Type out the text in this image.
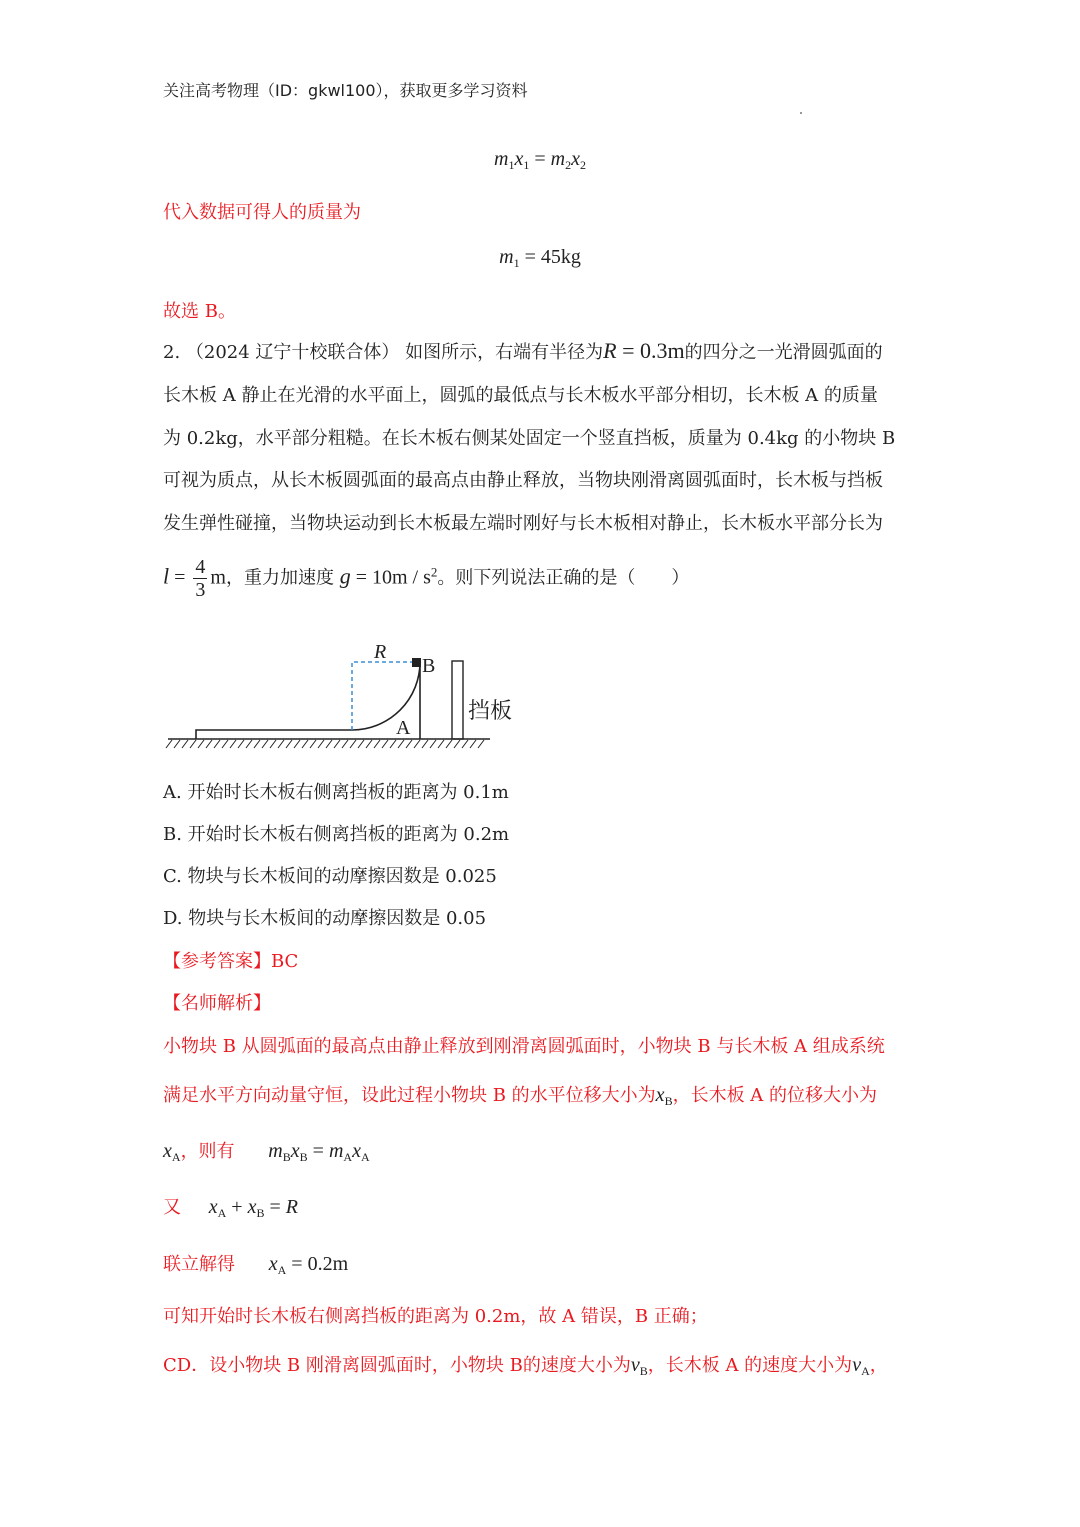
关注高考物理（ID：gkwl100），获取更多学习资料
$m_1x_1 = m_2x_2$
代入数据可得人的质量为
$m_1 = 45kg$
故选 B。
2. （2024 辽宁十校联合体） 如图所示，右端有半径为R = 0.3m的四分之一光滑圆弧面的
长木板 A 静止在光滑的水平面上，圆弧的最低点与长木板水平部分相切，长木板 A 的质量
为 0.2kg，水平部分粗糙。在长木板右侧某处固定一个竖直挡板，质量为 0.4kg 的小物块 B
可视为质点，从长木板圆弧面的最高点由静止释放，当物块刚滑离圆弧面时，长木板与挡板
发生弹性碰撞，当物块运动到长木板最左端时刚好与长木板相对静止，长木板水平部分长为
$l = \frac{4}{3}$ m，重力加速度 $g = 10m / s^2$。则下列说法正确的是（　　）
R
B
A
挡板
A. 开始时长木板右侧离挡板的距离为 0.1m
B. 开始时长木板右侧离挡板的距离为 0.2m
C. 物块与长木板间的动摩擦因数是 0.025
D. 物块与长木板间的动摩擦因数是 0.05
【参考答案】BC
【名师解析】
小物块 B 从圆弧面的最高点由静止释放到刚滑离圆弧面时，小物块 B 与长木板 A 组成系统
满足水平方向动量守恒，设此过程小物块 B 的水平位移大小为$x_B$，长木板 A 的位移大小为
$x_A$，则有 $m_Bx_B = m_Ax_A$
又 $x_A + x_B = R$
联立解得 $x_A = 0.2m$
可知开始时长木板右侧离挡板的距离为 0.2m，故 A 错误，B 正确；
CD．设小物块 B 刚滑离圆弧面时，小物块 B的速度大小为$v_B$，长木板 A 的速度大小为$v_A$，
